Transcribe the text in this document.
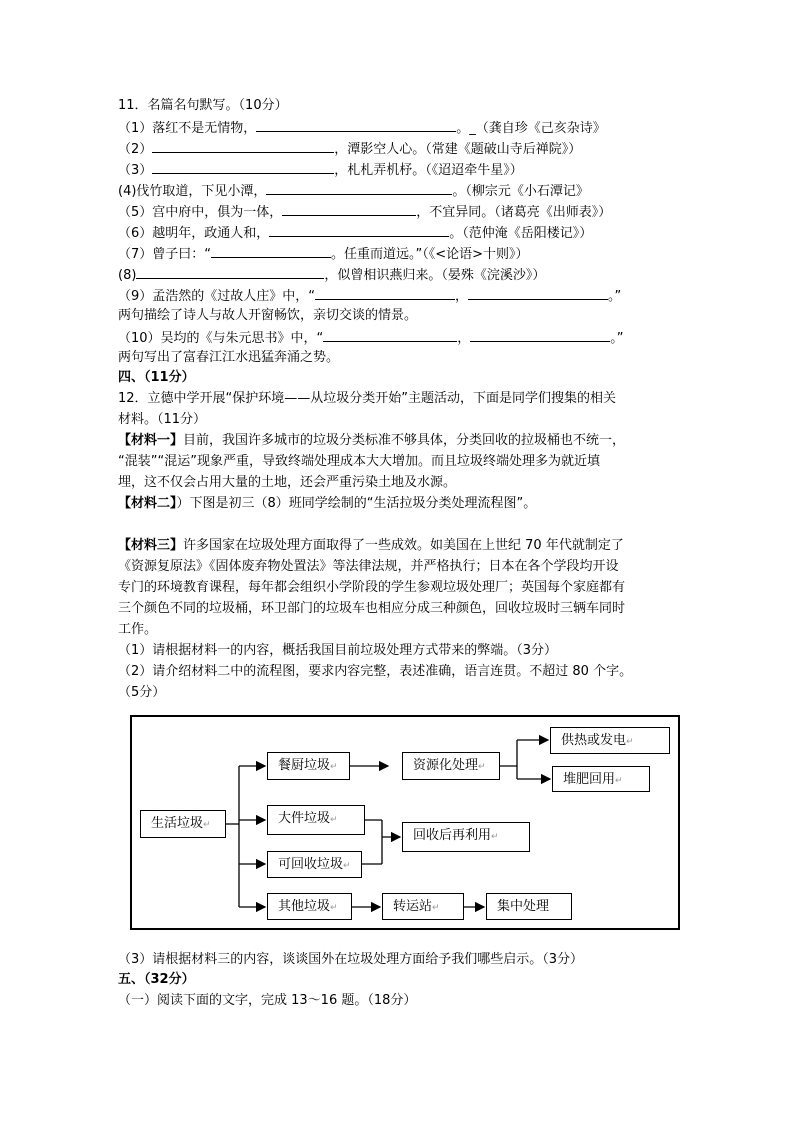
11．名篇名句默写。（10分）
（1）落红不是无情物，	。_（龚自珍《己亥杂诗》
（2）	，潭影空人心。（常建《题破山寺后禅院》）
（3）	，札札弄机杼。（《迢迢牵牛星》）
(4)伐竹取道，下见小潭，	。（柳宗元《小石潭记》
（5）宫中府中，俱为一体，	，不宜异同。（诸葛亮《出师表》）
（6）越明年，政通人和，	。（范仲淹《岳阳楼记》）
（7）曾子曰：“	。任重而道远。”（《<论语>十则》）
(8)	，似曾相识燕归来。（晏殊《浣溪沙》）
（9）孟浩然的《过故人庄》中，“	，	。”
两句描绘了诗人与故人开窗畅饮，亲切交谈的情景。
（10）吴均的《与朱元思书》中，“	，	。”
两句写出了富春江江水迅猛奔涌之势。
四、（11分）
12．立德中学开展“保护环境——从垃圾分类开始”主题活动，下面是同学们搜集的相关
材料。（11分）
【材料一】目前，我国许多城市的垃圾分类标准不够具体，分类回收的拉圾桶也不统一，
“混装”“混运”现象严重，导致终端处理成本大大增加。而且垃圾终端处理多为就近填
埋，这不仅会占用大量的土地，还会严重污染土地及水源。
【材料二】）下图是初三（8）班同学绘制的“生活拉圾分类处理流程图”。
【材料三】许多国家在垃圾处理方面取得了一些成效。如美国在上世纪 70 年代就制定了
《资源复原法》《固体废弃物处置法》等法律法规，并严格执行；日本在各个学段均开设
专门的环境教育课程，每年都会组织小学阶段的学生参观垃圾处理厂；英国每个家庭都有
三个颜色不同的垃圾桶，环卫部门的垃圾车也相应分成三种颜色，回收垃圾时三辆车同时
工作。
（1）请根据材料一的内容，概括我国目前垃圾处理方式带来的弊端。（3分）
（2）请介绍材料二中的流程图，要求内容完整，表述准确，语言连贯。不超过 80 个字。
（5分）
生活垃圾↵
餐厨垃圾↵
大件垃圾↵
可回收垃圾↵
其他垃圾↵
资源化处理↵
回收后再利用↵
转运站↵	集中处理
供热或发电↵
堆肥回用↵
（3）请根据材料三的内容，谈谈国外在垃圾处理方面给予我们哪些启示。（3分）
五、（32分）
（一）阅读下面的文字，完成 13～16 题。（18分）
